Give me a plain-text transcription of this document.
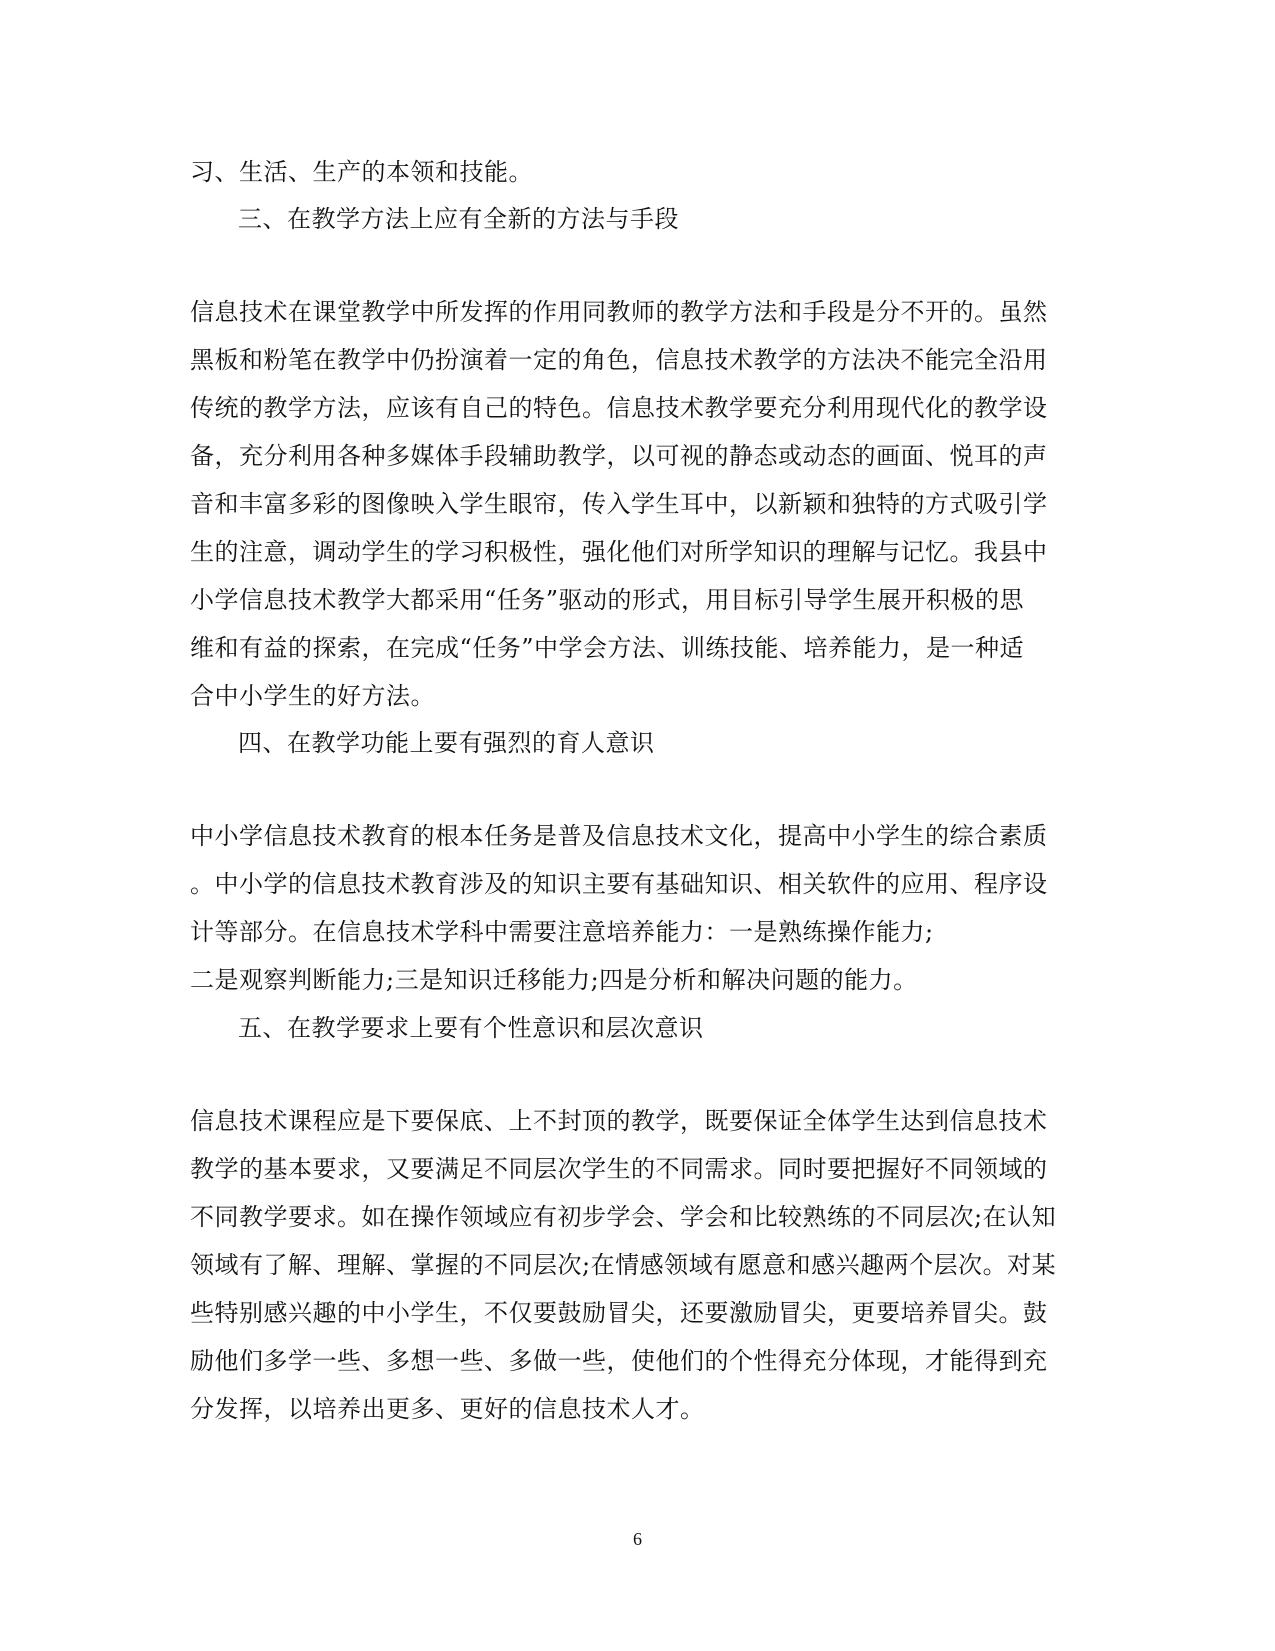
习、生活、生产的本领和技能。
三、在教学方法上应有全新的方法与手段
信息技术在课堂教学中所发挥的作用同教师的教学方法和手段是分不开的。虽然
黑板和粉笔在教学中仍扮演着一定的角色，信息技术教学的方法决不能完全沿用
传统的教学方法，应该有自己的特色。信息技术教学要充分利用现代化的教学设
备，充分利用各种多媒体手段辅助教学，以可视的静态或动态的画面、悦耳的声
音和丰富多彩的图像映入学生眼帘，传入学生耳中，以新颖和独特的方式吸引学
生的注意，调动学生的学习积极性，强化他们对所学知识的理解与记忆。我县中
小学信息技术教学大都采用“任务”驱动的形式，用目标引导学生展开积极的思
维和有益的探索，在完成“任务”中学会方法、训练技能、培养能力，是一种适
合中小学生的好方法。
四、在教学功能上要有强烈的育人意识
中小学信息技术教育的根本任务是普及信息技术文化，提高中小学生的综合素质
。中小学的信息技术教育涉及的知识主要有基础知识、相关软件的应用、程序设
计等部分。在信息技术学科中需要注意培养能力：一是熟练操作能力;
二是观察判断能力;三是知识迁移能力;四是分析和解决问题的能力。
五、在教学要求上要有个性意识和层次意识
信息技术课程应是下要保底、上不封顶的教学，既要保证全体学生达到信息技术
教学的基本要求，又要满足不同层次学生的不同需求。同时要把握好不同领域的
不同教学要求。如在操作领域应有初步学会、学会和比较熟练的不同层次;在认知
领域有了解、理解、掌握的不同层次;在情感领域有愿意和感兴趣两个层次。对某
些特别感兴趣的中小学生，不仅要鼓励冒尖，还要激励冒尖，更要培养冒尖。鼓
励他们多学一些、多想一些、多做一些，使他们的个性得充分体现，才能得到充
分发挥，以培养出更多、更好的信息技术人才。
6
